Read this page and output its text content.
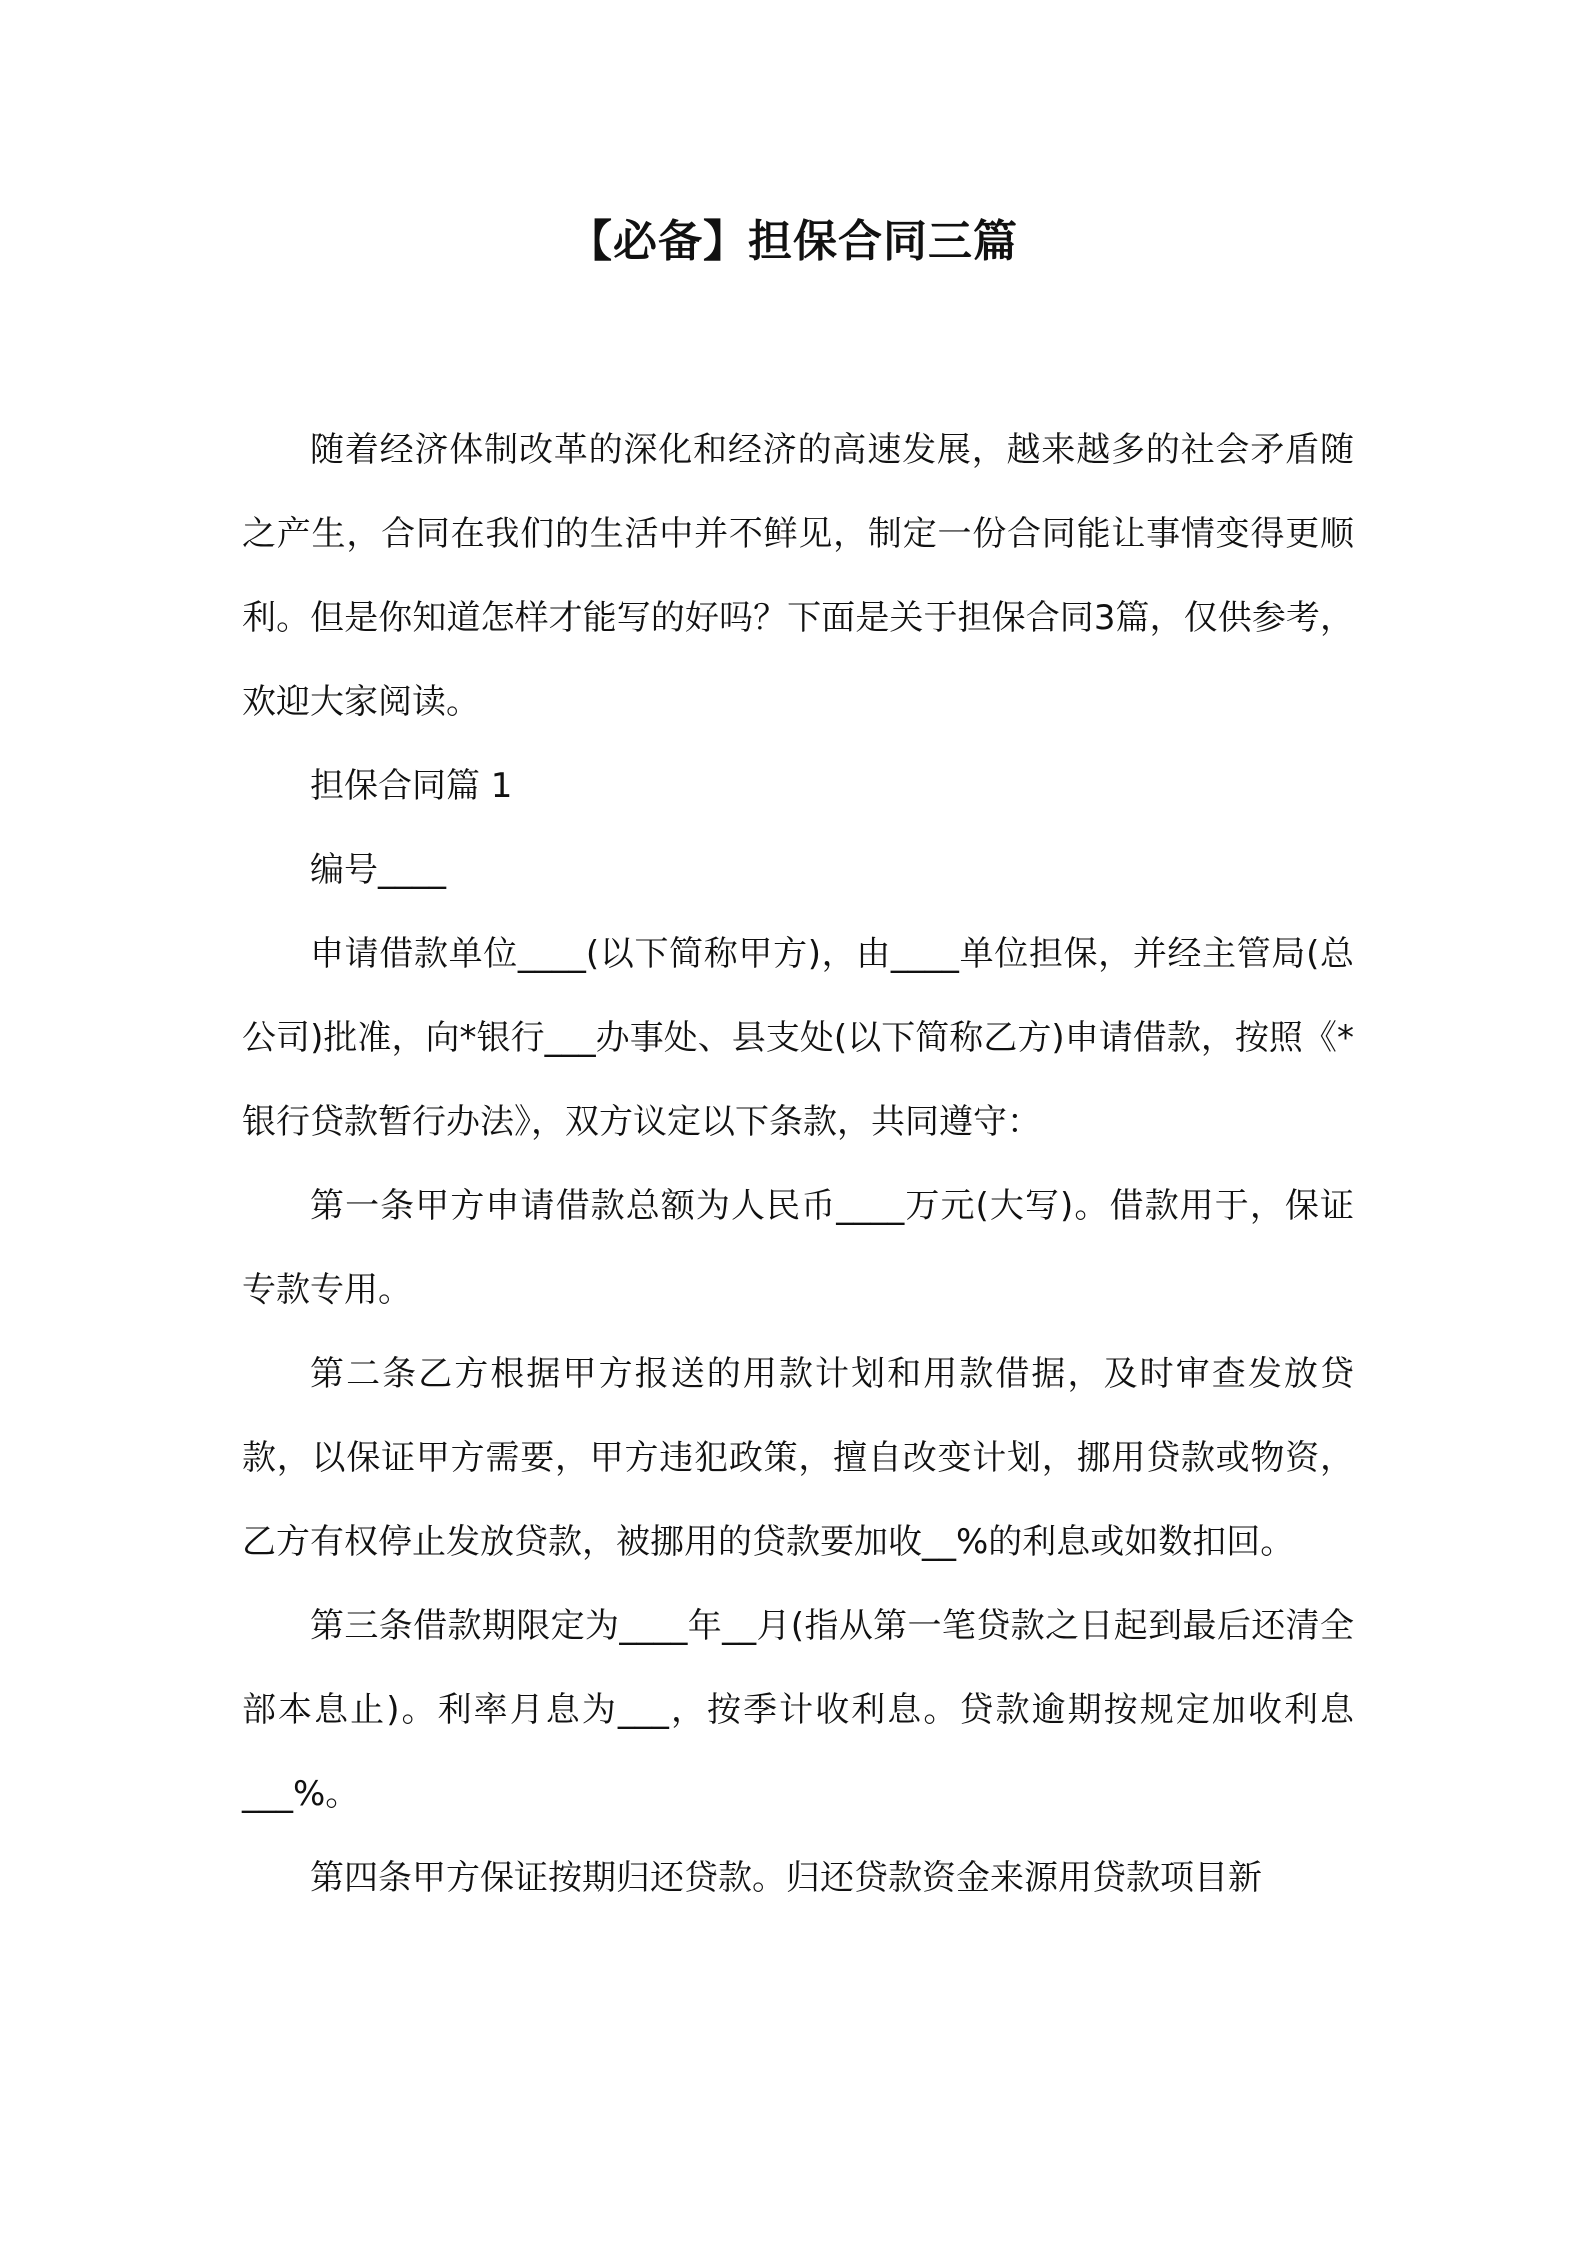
【必备】担保合同三篇

随着经济体制改革的深化和经济的高速发展，越来越多的社会矛盾随之产生，合同在我们的生活中并不鲜见，制定一份合同能让事情变得更顺利。但是你知道怎样才能写的好吗？下面是关于担保合同3篇，仅供参考，欢迎大家阅读。

担保合同篇 1

编号____

申请借款单位____(以下简称甲方)，由____单位担保，并经主管局(总公司)批准，向*银行___办事处、县支处(以下简称乙方)申请借款，按照《*银行贷款暂行办法》，双方议定以下条款，共同遵守：

第一条甲方申请借款总额为人民币____万元(大写)。借款用于，保证专款专用。

第二条乙方根据甲方报送的用款计划和用款借据，及时审查发放贷款，以保证甲方需要，甲方违犯政策，擅自改变计划，挪用贷款或物资，乙方有权停止发放贷款，被挪用的贷款要加收__%的利息或如数扣回。

第三条借款期限定为____年__月(指从第一笔贷款之日起到最后还清全部本息止)。利率月息为___，按季计收利息。贷款逾期按规定加收利息___%。

第四条甲方保证按期归还贷款。归还贷款资金来源用贷款项目新
